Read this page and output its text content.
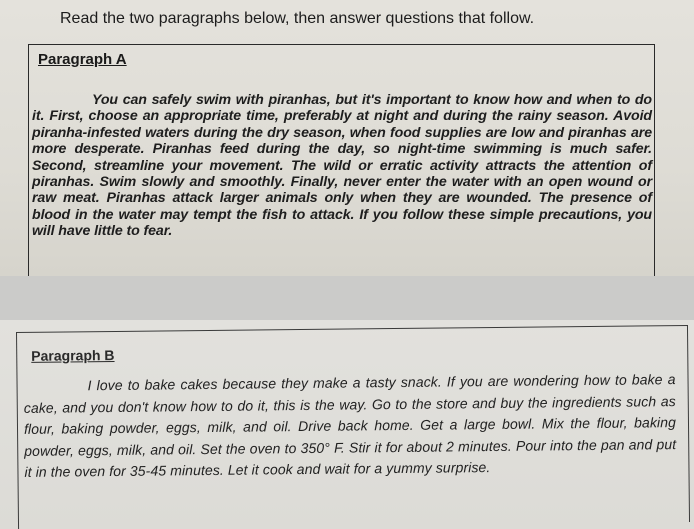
Read the two paragraphs below, then answer questions that follow.
Paragraph A
You can safely swim with piranhas, but it's important to know how and when to do it. First, choose an appropriate time, preferably at night and during the rainy season. Avoid piranha-infested waters during the dry season, when food supplies are low and piranhas are more desperate. Piranhas feed during the day, so night-time swimming is much safer. Second, streamline your movement. The wild or erratic activity attracts the attention of piranhas. Swim slowly and smoothly. Finally, never enter the water with an open wound or raw meat. Piranhas attack larger animals only when they are wounded. The presence of blood in the water may tempt the fish to attack. If you follow these simple precautions, you will have little to fear.
Paragraph B
I love to bake cakes because they make a tasty snack. If you are wondering how to bake a cake, and you don't know how to do it, this is the way. Go to the store and buy the ingredients such as flour, baking powder, eggs, milk, and oil. Drive back home. Get a large bowl. Mix the flour, baking powder, eggs, milk, and oil. Set the oven to 350° F. Stir it for about 2 minutes. Pour into the pan and put it in the oven for 35-45 minutes. Let it cook and wait for a yummy surprise.
